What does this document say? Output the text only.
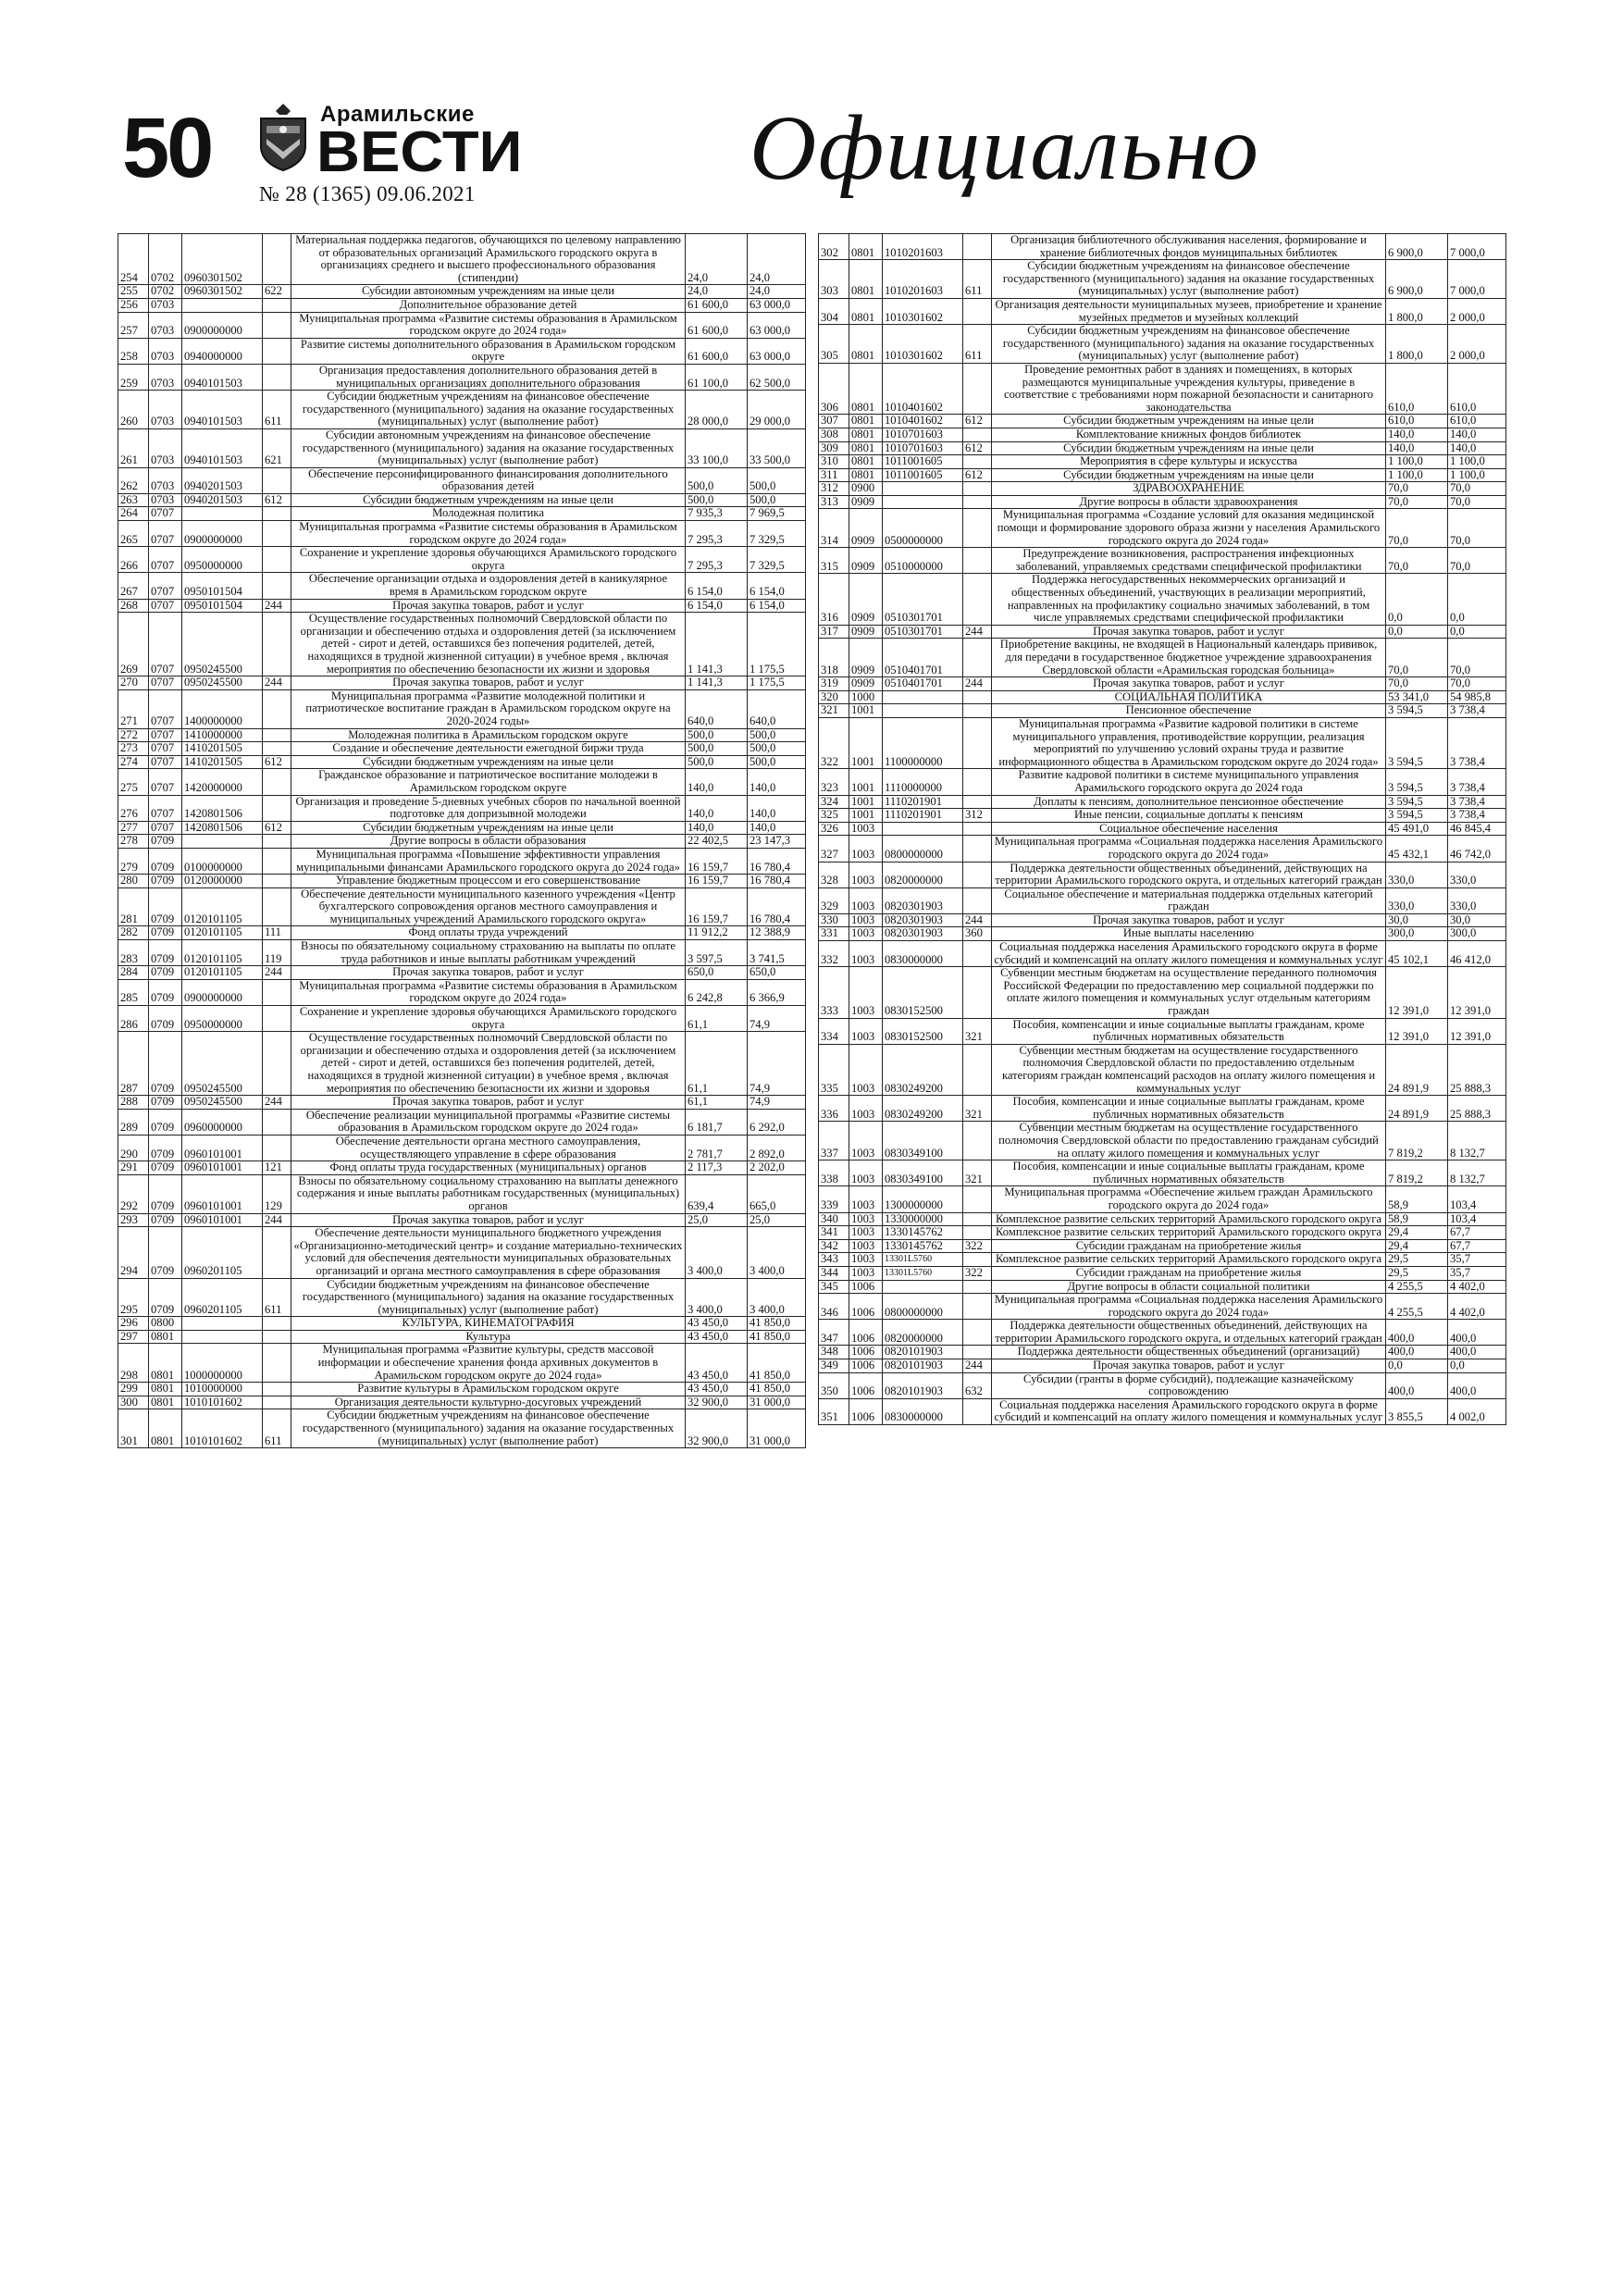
50	Арамильские
ВЕСТИ
№ 28 (1365) 09.06.2021	Официально
254	0702	0960301502		Материальная поддержка педагогов, обучающихся по целевому направлению от образовательных организаций Арамильского городского округа в организациях среднего и высшего профессионального образования (стипендии)	24,0	24,0
255	0702	0960301502	622	Субсидии автономным учреждениям на иные цели	24,0	24,0
256	0703			Дополнительное образование детей	61 600,0	63 000,0
257	0703	0900000000		Муниципальная программа «Развитие системы образования в Арамильском городском округе до 2024 года»	61 600,0	63 000,0
258	0703	0940000000		Развитие системы дополнительного образования в Арамильском городском округе	61 600,0	63 000,0
259	0703	0940101503		Организация предоставления дополнительного образования детей в муниципальных организациях дополнительного образования	61 100,0	62 500,0
260	0703	0940101503	611	Субсидии бюджетным учреждениям на финансовое обеспечение государственного (муниципального) задания на оказание государственных (муниципальных) услуг (выполнение работ)	28 000,0	29 000,0
261	0703	0940101503	621	Субсидии автономным учреждениям на финансовое обеспечение государственного (муниципального) задания на оказание государственных (муниципальных) услуг (выполнение работ)	33 100,0	33 500,0
262	0703	0940201503		Обеспечение персонифицированного финансирования дополнительного образования детей	500,0	500,0
263	0703	0940201503	612	Субсидии бюджетным учреждениям на иные цели	500,0	500,0
264	0707			Молодежная политика	7 935,3	7 969,5
265	0707	0900000000		Муниципальная программа «Развитие системы образования в Арамильском городском округе до 2024 года»	7 295,3	7 329,5
266	0707	0950000000		Сохранение и укрепление здоровья обучающихся Арамильского городского округа	7 295,3	7 329,5
267	0707	0950101504		Обеспечение организации отдыха и оздоровления детей в каникулярное время в Арамильском городском округе	6 154,0	6 154,0
268	0707	0950101504	244	Прочая закупка товаров, работ и услуг	6 154,0	6 154,0
269	0707	0950245500		Осуществление государственных полномочий Свердловской области по организации и обеспечению отдыха и оздоровления детей (за исключением детей - сирот и детей, оставшихся без попечения родителей, детей, находящихся в трудной жизненной ситуации) в учебное время , включая мероприятия по обеспечению безопасности их жизни и здоровья	1 141,3	1 175,5
270	0707	0950245500	244	Прочая закупка товаров, работ и услуг	1 141,3	1 175,5
271	0707	1400000000		Муниципальная программа «Развитие молодежной политики и патриотическое воспитание граждан в Арамильском городском округе на 2020-2024 годы»	640,0	640,0
272	0707	1410000000		Молодежная политика в Арамильском городском округе	500,0	500,0
273	0707	1410201505		Создание и обеспечение деятельности ежегодной биржи труда	500,0	500,0
274	0707	1410201505	612	Субсидии бюджетным учреждениям на иные цели	500,0	500,0
275	0707	1420000000		Гражданское образование и патриотическое воспитание молодежи в Арамильском городском округе	140,0	140,0
276	0707	1420801506		Организация и проведение 5-дневных учебных сборов по начальной военной подготовке для допризывной молодежи	140,0	140,0
277	0707	1420801506	612	Субсидии бюджетным учреждениям на иные цели	140,0	140,0
278	0709			Другие вопросы в области образования	22 402,5	23 147,3
279	0709	0100000000		Муниципальная программа «Повышение эффективности управления муниципальными финансами Арамильского городского округа до 2024 года»	16 159,7	16 780,4
280	0709	0120000000		Управление бюджетным процессом и его совершенствование	16 159,7	16 780,4
281	0709	0120101105		Обеспечение деятельности муниципального казенного учреждения «Центр бухгалтерского сопровождения органов местного самоуправления и муниципальных учреждений Арамильского городского округа»	16 159,7	16 780,4
282	0709	0120101105	111	Фонд оплаты труда учреждений	11 912,2	12 388,9
283	0709	0120101105	119	Взносы по обязательному социальному страхованию на выплаты по оплате труда работников и иные выплаты работникам учреждений	3 597,5	3 741,5
284	0709	0120101105	244	Прочая закупка товаров, работ и услуг	650,0	650,0
285	0709	0900000000		Муниципальная программа «Развитие системы образования в Арамильском городском округе до 2024 года»	6 242,8	6 366,9
286	0709	0950000000		Сохранение и укрепление здоровья обучающихся Арамильского городского округа	61,1	74,9
287	0709	0950245500		Осуществление государственных полномочий Свердловской области по организации и обеспечению отдыха и оздоровления детей (за исключением детей - сирот и детей, оставшихся без попечения родителей, детей, находящихся в трудной жизненной ситуации) в учебное время , включая мероприятия по обеспечению безопасности их жизни и здоровья	61,1	74,9
288	0709	0950245500	244	Прочая закупка товаров, работ и услуг	61,1	74,9
289	0709	0960000000		Обеспечение реализации муниципальной программы «Развитие системы образования в Арамильском городском округе до 2024 года»	6 181,7	6 292,0
290	0709	0960101001		Обеспечение деятельности органа местного самоуправления, осуществляющего управление в сфере образования	2 781,7	2 892,0
291	0709	0960101001	121	Фонд оплаты труда государственных (муниципальных) органов	2 117,3	2 202,0
292	0709	0960101001	129	Взносы по обязательному социальному страхованию на выплаты денежного содержания и иные выплаты работникам государственных (муниципальных) органов	639,4	665,0
293	0709	0960101001	244	Прочая закупка товаров, работ и услуг	25,0	25,0
294	0709	0960201105		Обеспечение деятельности муниципального бюджетного учреждения «Организационно-методический центр» и создание материально-технических условий для обеспечения деятельности муниципальных образовательных организаций и органа местного самоуправления в сфере образования	3 400,0	3 400,0
295	0709	0960201105	611	Субсидии бюджетным учреждениям на финансовое обеспечение государственного (муниципального) задания на оказание государственных (муниципальных) услуг (выполнение работ)	3 400,0	3 400,0
296	0800			КУЛЬТУРА, КИНЕМАТОГРАФИЯ	43 450,0	41 850,0
297	0801			Культура	43 450,0	41 850,0
298	0801	1000000000		Муниципальная программа «Развитие культуры, средств массовой информации и обеспечение хранения фонда архивных документов в Арамильском городском округе до 2024 года»	43 450,0	41 850,0
299	0801	1010000000		Развитие культуры в Арамильском городском округе	43 450,0	41 850,0
300	0801	1010101602		Организация деятельности культурно-досуговых учреждений	32 900,0	31 000,0
301	0801	1010101602	611	Субсидии бюджетным учреждениям на финансовое обеспечение государственного (муниципального) задания на оказание государственных (муниципальных) услуг (выполнение работ)	32 900,0	31 000,0
302	0801	1010201603		Организация библиотечного обслуживания населения, формирование и хранение библиотечных фондов муниципальных библиотек	6 900,0	7 000,0
303	0801	1010201603	611	Субсидии бюджетным учреждениям на финансовое обеспечение государственного (муниципального) задания на оказание государственных (муниципальных) услуг (выполнение работ)	6 900,0	7 000,0
304	0801	1010301602		Организация деятельности муниципальных музеев, приобретение и хранение музейных предметов и музейных коллекций	1 800,0	2 000,0
305	0801	1010301602	611	Субсидии бюджетным учреждениям на финансовое обеспечение государственного (муниципального) задания на оказание государственных (муниципальных) услуг (выполнение работ)	1 800,0	2 000,0
306	0801	1010401602		Проведение ремонтных работ в зданиях и помещениях, в которых размещаются муниципальные учреждения культуры, приведение в соответствие с требованиями норм пожарной безопасности и санитарного законодательства	610,0	610,0
307	0801	1010401602	612	Субсидии бюджетным учреждениям на иные цели	610,0	610,0
308	0801	1010701603		Комплектование книжных фондов библиотек	140,0	140,0
309	0801	1010701603	612	Субсидии бюджетным учреждениям на иные цели	140,0	140,0
310	0801	1011001605		Мероприятия в сфере культуры и искусства	1 100,0	1 100,0
311	0801	1011001605	612	Субсидии бюджетным учреждениям на иные цели	1 100,0	1 100,0
312	0900			ЗДРАВООХРАНЕНИЕ	70,0	70,0
313	0909			Другие вопросы в области здравоохранения	70,0	70,0
314	0909	0500000000		Муниципальная программа «Создание условий для оказания медицинской помощи и формирование здорового образа жизни у населения Арамильского городского округа до 2024 года»	70,0	70,0
315	0909	0510000000		Предупреждение возникновения, распространения инфекционных заболеваний, управляемых средствами специфической профилактики	70,0	70,0
316	0909	0510301701		Поддержка негосударственных некоммерческих организаций и общественных объединений, участвующих в реализации мероприятий, направленных на профилактику социально значимых заболеваний, в том числе управляемых средствами специфической профилактики	0,0	0,0
317	0909	0510301701	244	Прочая закупка товаров, работ и услуг	0,0	0,0
318	0909	0510401701		Приобретение вакцины, не входящей в Национальный календарь прививок, для передачи в государственное бюджетное учреждение здравоохранения Свердловской области «Арамильская городская больница»	70,0	70,0
319	0909	0510401701	244	Прочая закупка товаров, работ и услуг	70,0	70,0
320	1000			СОЦИАЛЬНАЯ ПОЛИТИКА	53 341,0	54 985,8
321	1001			Пенсионное обеспечение	3 594,5	3 738,4
322	1001	1100000000		Муниципальная программа «Развитие кадровой политики в системе муниципального управления, противодействие коррупции, реализация мероприятий по улучшению условий охраны труда и развитие информационного общества в Арамильском городском округе до 2024 года»	3 594,5	3 738,4
323	1001	1110000000		Развитие кадровой политики в системе муниципального управления Арамильского городского округа до 2024 года	3 594,5	3 738,4
324	1001	1110201901		Доплаты к пенсиям, дополнительное пенсионное обеспечение	3 594,5	3 738,4
325	1001	1110201901	312	Иные пенсии, социальные доплаты к пенсиям	3 594,5	3 738,4
326	1003			Социальное обеспечение населения	45 491,0	46 845,4
327	1003	0800000000		Муниципальная программа «Социальная поддержка населения Арамильского городского округа до 2024 года»	45 432,1	46 742,0
328	1003	0820000000		Поддержка деятельности общественных объединений, действующих на территории Арамильского городского округа, и отдельных категорий граждан	330,0	330,0
329	1003	0820301903		Социальное обеспечение и материальная поддержка отдельных категорий граждан	330,0	330,0
330	1003	0820301903	244	Прочая закупка товаров, работ и услуг	30,0	30,0
331	1003	0820301903	360	Иные выплаты населению	300,0	300,0
332	1003	0830000000		Социальная поддержка населения Арамильского городского округа в форме субсидий и компенсаций на оплату жилого помещения и коммунальных услуг	45 102,1	46 412,0
333	1003	0830152500		Субвенции местным бюджетам на осуществление переданного полномочия Российской Федерации по предоставлению мер социальной поддержки по оплате жилого помещения и коммунальных услуг отдельным категориям граждан	12 391,0	12 391,0
334	1003	0830152500	321	Пособия, компенсации и иные социальные выплаты гражданам, кроме публичных нормативных обязательств	12 391,0	12 391,0
335	1003	0830249200		Субвенции местным бюджетам на осуществление государственного полномочия Свердловской области по предоставлению отдельным категориям граждан компенсаций расходов на оплату жилого помещения и коммунальных услуг	24 891,9	25 888,3
336	1003	0830249200	321	Пособия, компенсации и иные социальные выплаты гражданам, кроме публичных нормативных обязательств	24 891,9	25 888,3
337	1003	0830349100		Субвенции местным бюджетам на осуществление государственного полномочия Свердловской области по предоставлению гражданам субсидий на оплату жилого помещения и коммунальных услуг	7 819,2	8 132,7
338	1003	0830349100	321	Пособия, компенсации и иные социальные выплаты гражданам, кроме публичных нормативных обязательств	7 819,2	8 132,7
339	1003	1300000000		Муниципальная программа «Обеспечение жильем граждан Арамильского городского округа до 2024 года»	58,9	103,4
340	1003	1330000000		Комплексное развитие сельских территорий Арамильского городского округа	58,9	103,4
341	1003	1330145762		Комплексное развитие сельских территорий Арамильского городского округа	29,4	67,7
342	1003	1330145762	322	Субсидии гражданам на приобретение жилья	29,4	67,7
343	1003	13301L5760		Комплексное развитие сельских территорий Арамильского городского округа	29,5	35,7
344	1003	13301L5760	322	Субсидии гражданам на приобретение жилья	29,5	35,7
345	1006			Другие вопросы в области социальной политики	4 255,5	4 402,0
346	1006	0800000000		Муниципальная программа «Социальная поддержка населения Арамильского городского округа до 2024 года»	4 255,5	4 402,0
347	1006	0820000000		Поддержка деятельности общественных объединений, действующих на территории Арамильского городского округа, и отдельных категорий граждан	400,0	400,0
348	1006	0820101903		Поддержка деятельности общественных объединений (организаций)	400,0	400,0
349	1006	0820101903	244	Прочая закупка товаров, работ и услуг	0,0	0,0
350	1006	0820101903	632	Субсидии (гранты в форме субсидий), подлежащие казначейскому сопровождению	400,0	400,0
351	1006	0830000000		Социальная поддержка населения Арамильского городского округа в форме субсидий и компенсаций на оплату жилого помещения и коммунальных услуг	3 855,5	4 002,0
